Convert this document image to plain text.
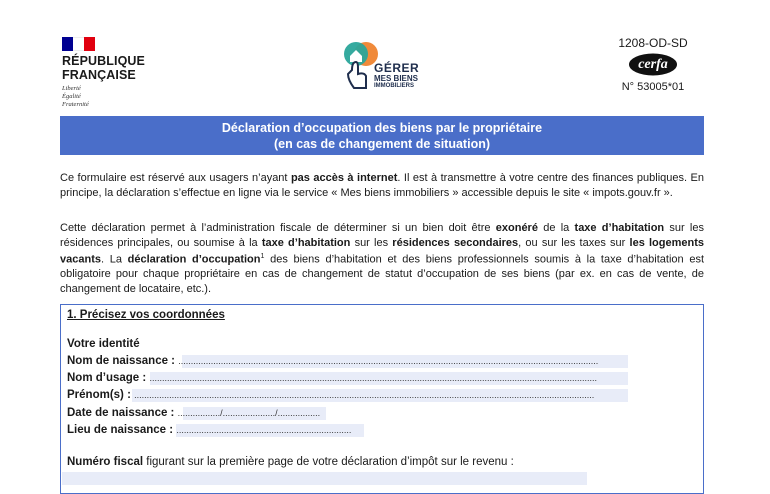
RÉPUBLIQUE
FRANÇAISE
Liberté
Égalité
Fraternité
GÉRER
MES BIENS
IMMOBILIERS
1208-OD-SD
cerfa
N° 53005*01
Déclaration d’occupation des biens par le propriétaire
(en cas de changement de situation)
Ce formulaire est réservé aux usagers n’ayant pas accès à internet. Il est à transmettre à votre centre des finances publiques. En principe, la déclaration s’effectue en ligne via le service « Mes biens immobiliers » accessible depuis le site « impots.gouv.fr ».
Cette déclaration permet à l’administration fiscale de déterminer si un bien doit être exonéré de la taxe d’habitation sur les résidences principales, ou soumise à la taxe d’habitation sur les résidences secondaires, ou sur les taxes sur les logements vacants. La déclaration d’occupation$^1$ des biens d’habitation et des biens professionnels soumis à la taxe d’habitation est obligatoire pour chaque propriétaire en cas de changement de statut d’occupation de ses biens (par ex. en cas de vente, de changement de locataire, etc.).
1. Précisez vos coordonnées
Votre identité
Nom de naissance : ........................................................................................................................................................................
Nom d’usage : ...................................................................................................................................................................................
Prénom(s) : ........................................................................................................................................................................................
Date de naissance : ................./...................../.................
Lieu de naissance : ......................................................................
Numéro fiscal figurant sur la première page de votre déclaration d’impôt sur le revenu :
